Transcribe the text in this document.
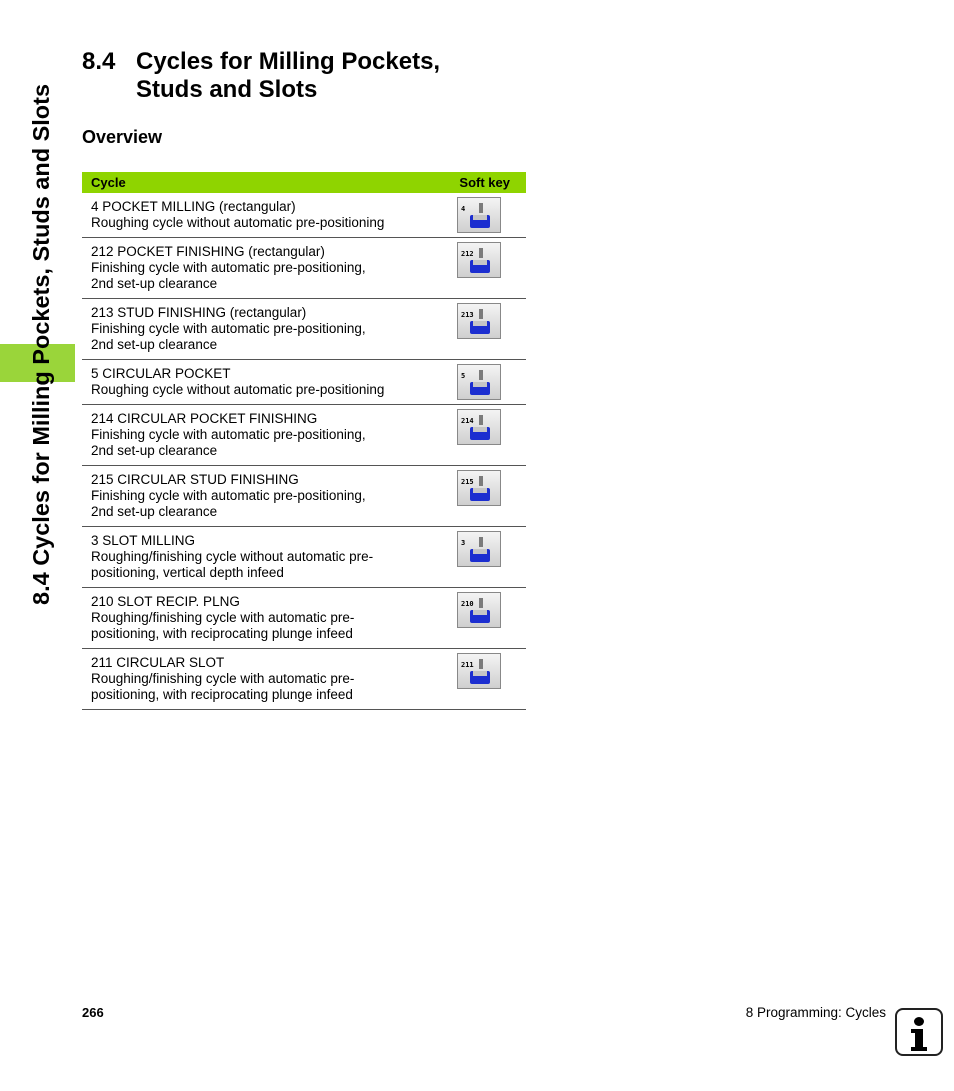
8.4 Cycles for Milling Pockets, Studs and Slots
8.4 Cycles for Milling Pockets,
Studs and Slots
Overview
Cycle	Soft key

4 POCKET MILLING (rectangular)
Roughing cycle without automatic pre-positioning	4

212 POCKET FINISHING (rectangular)
Finishing cycle with automatic pre-positioning,
2nd set-up clearance	212

213 STUD FINISHING (rectangular)
Finishing cycle with automatic pre-positioning,
2nd set-up clearance	213

5 CIRCULAR POCKET
Roughing cycle without automatic pre-positioning	5

214 CIRCULAR POCKET FINISHING
Finishing cycle with automatic pre-positioning,
2nd set-up clearance	214

215 CIRCULAR STUD FINISHING
Finishing cycle with automatic pre-positioning,
2nd set-up clearance	215

3 SLOT MILLING
Roughing/finishing cycle without automatic pre-
positioning, vertical depth infeed	3

210 SLOT RECIP. PLNG
Roughing/finishing cycle with automatic pre-
positioning, with reciprocating plunge infeed	210

211 CIRCULAR SLOT
Roughing/finishing cycle with automatic pre-
positioning, with reciprocating plunge infeed	211
266	8 Programming: Cycles
